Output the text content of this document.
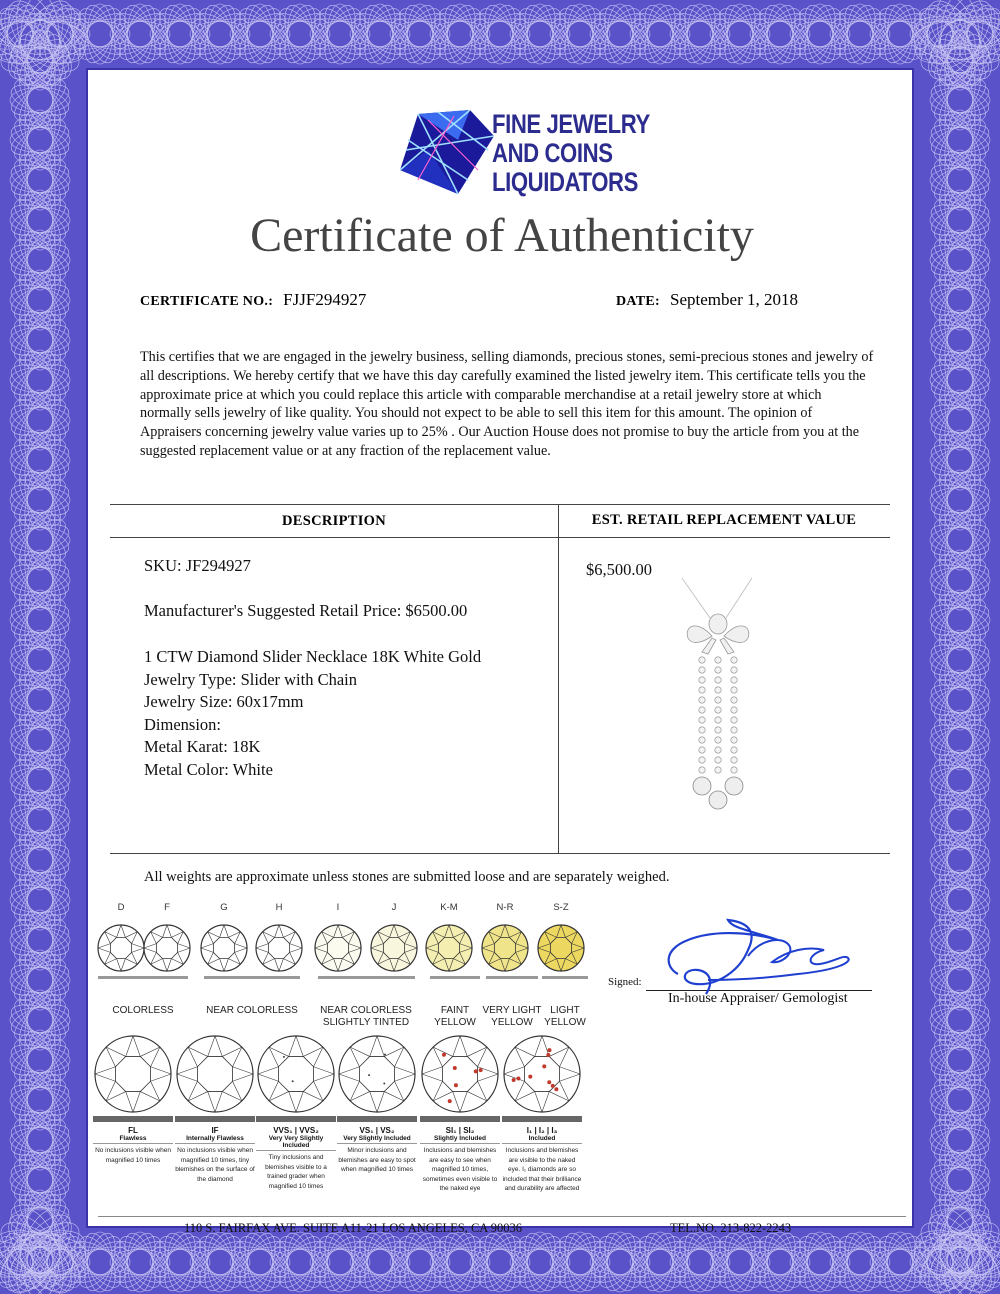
FINE JEWELRY
AND COINS
LIQUIDATORS
Certificate of Authenticity
CERTIFICATE NO.: FJJF294927	DATE: September 1, 2018
This certifies that we are engaged in the jewelry business, selling diamonds, precious stones, semi-precious stones and jewelry of all descriptions. We hereby certify that we have this day carefully examined the listed jewelry item. This certificate tells you the approximate price at which you could replace this article with comparable merchandise at a retail jewelry store at which normally sells jewelry of like quality. You should not expect to be able to sell this item for this amount. The opinion of Appraisers concerning jewelry value varies up to 25% . Our Auction House does not promise to buy the article from you at the suggested replacement value or at any fraction of the replacement value.
DESCRIPTION	EST. RETAIL REPLACEMENT VALUE
SKU: JF294927
Manufacturer's Suggested Retail Price: $6500.00
1 CTW Diamond Slider Necklace 18K White Gold
Jewelry Type: Slider with Chain
Jewelry Size: 60x17mm
Dimension:
Metal Karat: 18K
Metal Color: White
$6,500.00
All weights are approximate unless stones are submitted loose and are separately weighed.
D	F	G	H	I	J	K-M	N-R	S-Z
COLORLESS	NEAR COLORLESS	NEAR COLORLESS
SLIGHTLY TINTED
FAINT
YELLOW
VERY LIGHT
YELLOW
LIGHT
YELLOW
FL
Flawless
No inclusions visible when magnified 10 times
IF
Internally Flawless
No inclusions visible when magnified 10 times, tiny blemishes on the surface of the diamond
VVS₁ | VVS₂
Very Very Slightly Included
Tiny inclusions and blemishes visible to a trained grader when magnified 10 times
VS₁ | VS₂
Very Slightly Included
Minor inclusions and blemishes are easy to spot when magnified 10 times
SI₁ | SI₂
Slightly Included
Inclusions and blemishes are easy to see when magnified 10 times, sometimes even visible to the naked eye
I₁ | I₂ | I₃
Included
Inclusions and blemishes are visible to the naked eye. I₁ diamonds are so included that their brilliance and durability are affected
Signed:
In-house Appraiser/ Gemologist
110 S. FAIRFAX AVE. SUITE A11-21 LOS ANGELES, CA 90036	TEL.NO. 213-822-2243
